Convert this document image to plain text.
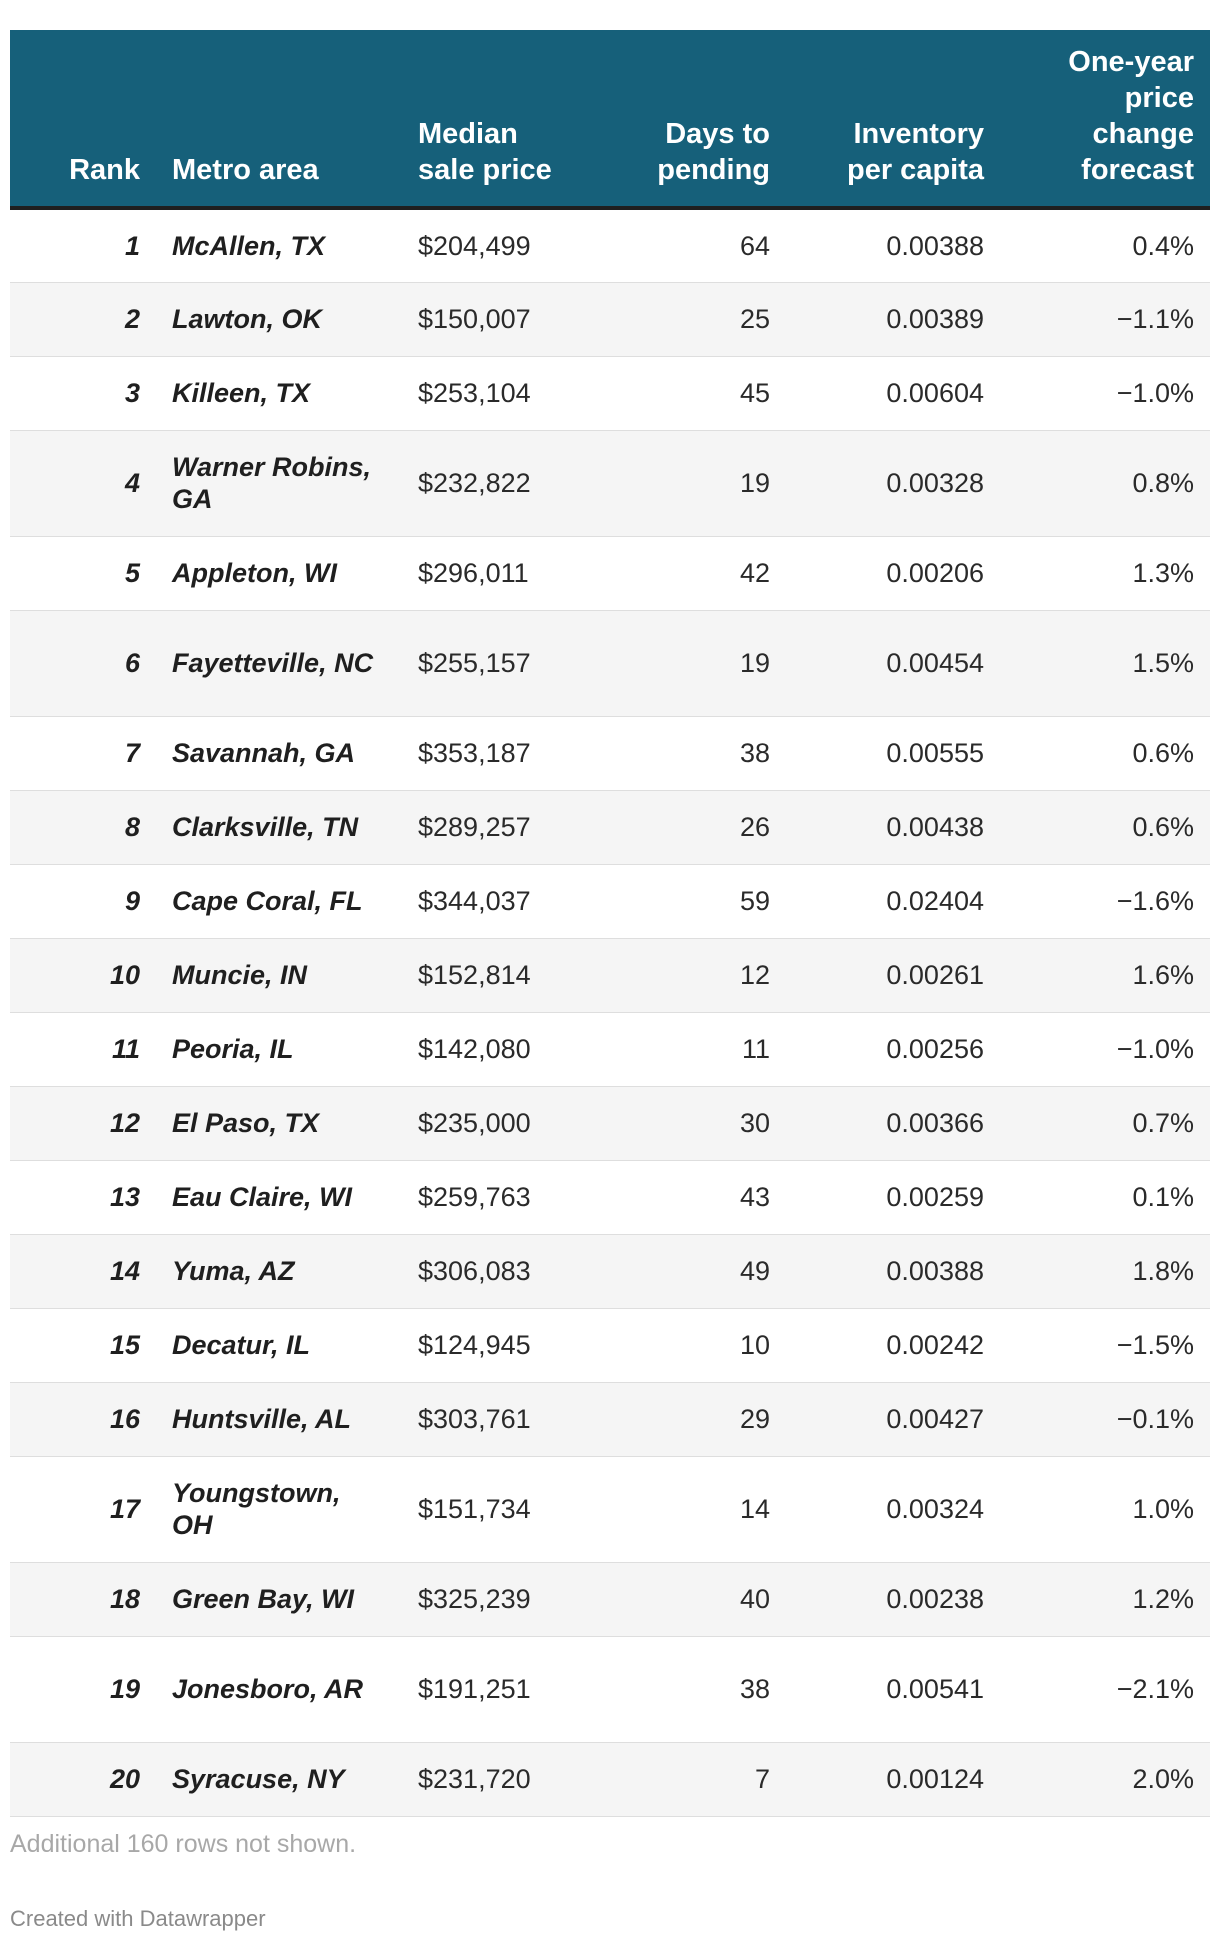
Rank	Metro area	Median sale price	Days to pending	Inventory per capita	One-year price change forecast
1	McAllen, TX	$204,499	64	0.00388	0.4%
2	Lawton, OK	$150,007	25	0.00389	−1.1%
3	Killeen, TX	$253,104	45	0.00604	−1.0%
4	Warner Robins, GA	$232,822	19	0.00328	0.8%
5	Appleton, WI	$296,011	42	0.00206	1.3%
6	Fayetteville, NC	$255,157	19	0.00454	1.5%
7	Savannah, GA	$353,187	38	0.00555	0.6%
8	Clarksville, TN	$289,257	26	0.00438	0.6%
9	Cape Coral, FL	$344,037	59	0.02404	−1.6%
10	Muncie, IN	$152,814	12	0.00261	1.6%
11	Peoria, IL	$142,080	11	0.00256	−1.0%
12	El Paso, TX	$235,000	30	0.00366	0.7%
13	Eau Claire, WI	$259,763	43	0.00259	0.1%
14	Yuma, AZ	$306,083	49	0.00388	1.8%
15	Decatur, IL	$124,945	10	0.00242	−1.5%
16	Huntsville, AL	$303,761	29	0.00427	−0.1%
17	Youngstown, OH	$151,734	14	0.00324	1.0%
18	Green Bay, WI	$325,239	40	0.00238	1.2%
19	Jonesboro, AR	$191,251	38	0.00541	−2.1%
20	Syracuse, NY	$231,720	7	0.00124	2.0%
Additional 160 rows not shown.
Created with Datawrapper
